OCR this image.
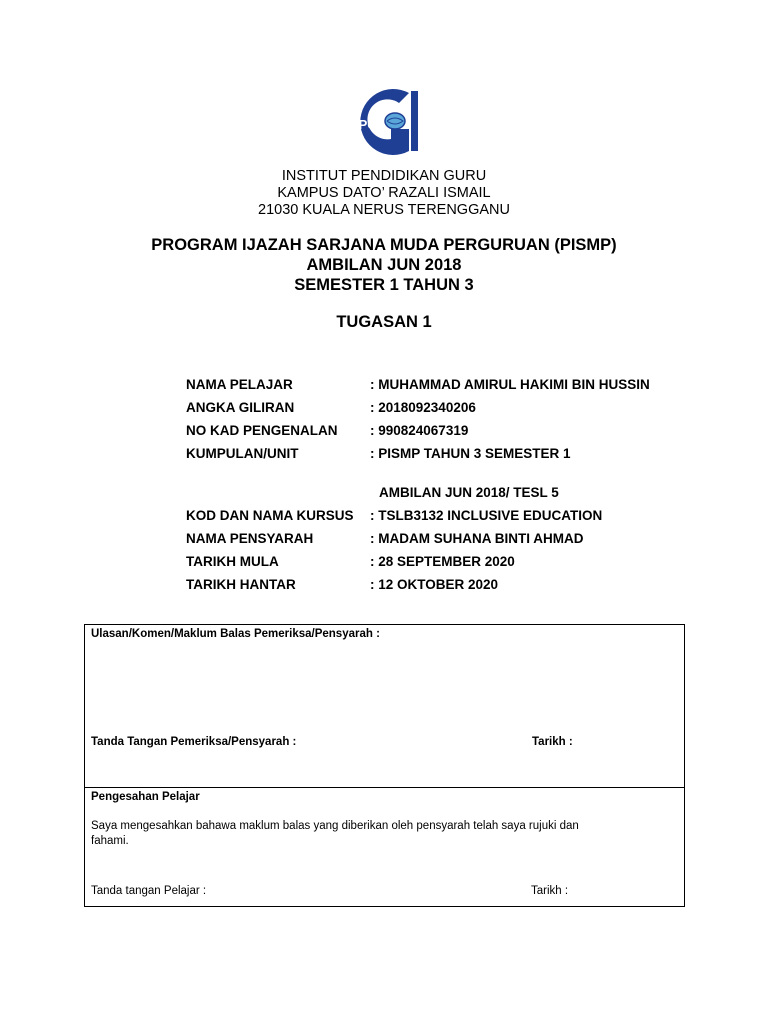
iPG
INSTITUT PENDIDIKAN GURU
KAMPUS DATO’ RAZALI ISMAIL
21030 KUALA NERUS TERENGGANU
PROGRAM IJAZAH SARJANA MUDA PERGURUAN (PISMP)
AMBILAN JUN 2018
SEMESTER 1 TAHUN 3
TUGASAN 1
NAMA PELAJAR	: MUHAMMAD AMIRUL HAKIMI BIN HUSSIN
ANGKA GILIRAN	: 2018092340206
NO KAD PENGENALAN : 990824067319
KUMPULAN/UNIT	: PISMP TAHUN 3 SEMESTER 1
AMBILAN JUN 2018/ TESL 5
KOD DAN NAMA KURSUS : TSLB3132 INCLUSIVE EDUCATION
NAMA PENSYARAH	: MADAM SUHANA BINTI AHMAD
TARIKH MULA	: 28 SEPTEMBER 2020
TARIKH HANTAR	: 12 OKTOBER 2020
Ulasan/Komen/Maklum Balas Pemeriksa/Pensyarah :
Tanda Tangan Pemeriksa/Pensyarah :	Tarikh :
Pengesahan Pelajar
Saya mengesahkan bahawa maklum balas yang diberikan oleh pensyarah telah saya rujuki dan
fahami.
Tanda tangan Pelajar :	Tarikh :
